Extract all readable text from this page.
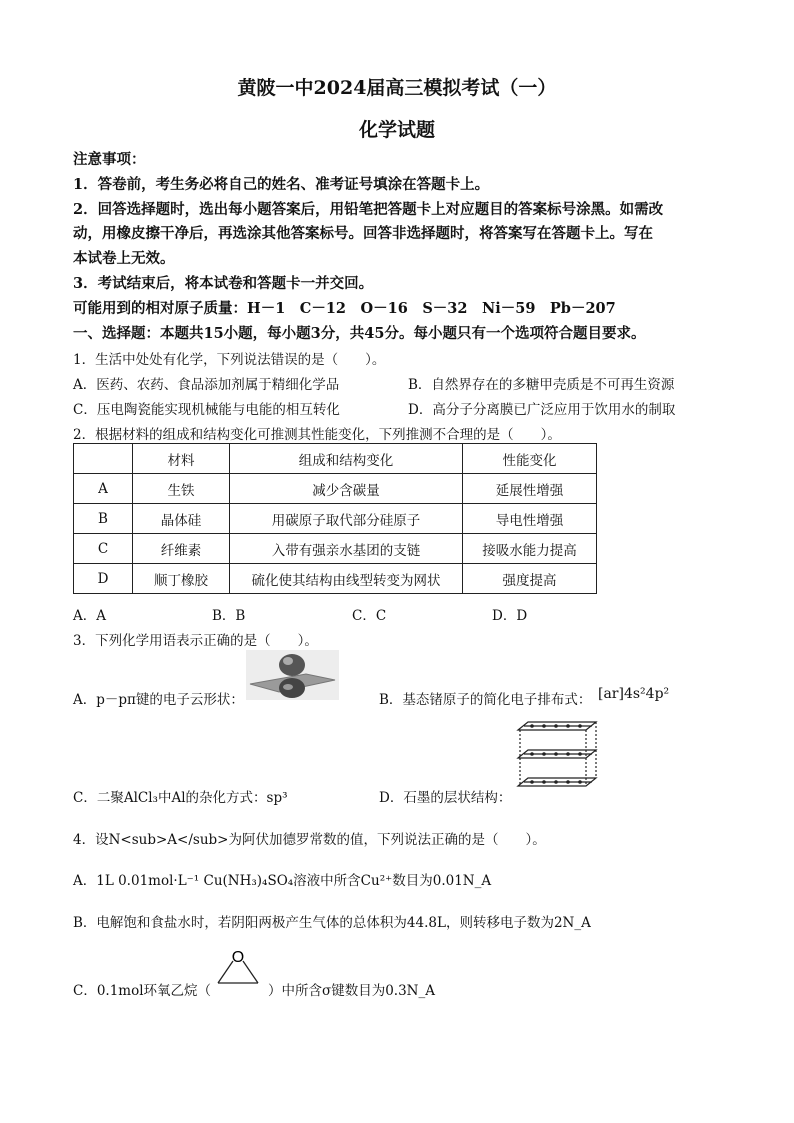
黄陂一中2024届高三模拟考试（一）
化学试题
注意事项：
1．答卷前，考生务必将自己的姓名、准考证号填涂在答题卡上。
2．回答选择题时，选出每小题答案后，用铅笔把答题卡上对应题目的答案标号涂黑。如需改
动，用橡皮擦干净后，再选涂其他答案标号。回答非选择题时，将答案写在答题卡上。写在
本试卷上无效。
3．考试结束后，将本试卷和答题卡一并交回。
可能用到的相对原子质量：H－1　C－12　O－16　S－32　Ni－59　Pb－207
一、选择题：本题共15小题，每小题3分，共45分。每小题只有一个选项符合题目要求。
1．生活中处处有化学，下列说法错误的是（　　）。
A．医药、农药、食品添加剂属于精细化学品	B．自然界存在的多糖甲壳质是不可再生资源
C．压电陶瓷能实现机械能与电能的相互转化	D．高分子分离膜已广泛应用于饮用水的制取
2．根据材料的组成和结构变化可推测其性能变化，下列推测不合理的是（　　）。
	材料	组成和结构变化	性能变化
A	生铁	减少含碳量	延展性增强
B	晶体硅	用碳原子取代部分硅原子	导电性增强
C	纤维素	入带有强亲水基团的支链	接吸水能力提高
D	顺丁橡胶	硫化使其结构由线型转变为网状	强度提高
A．A	B．B	C．C	D．D
3．下列化学用语表示正确的是（　　）。
A．p－pπ键的电子云形状：	B．基态锗原子的简化电子排布式： [ar]4s²4p²
C．二聚AlCl₃中Al的杂化方式：sp³	D．石墨的层状结构：
4．设N<sub>A</sub>为阿伏加德罗常数的值，下列说法正确的是（　　）。
A．1L 0.01mol·L⁻¹ Cu(NH₃)₄SO₄溶液中所含Cu²⁺数目为0.01N_A
B．电解饱和食盐水时，若阴阳两极产生气体的总体积为44.8L，则转移电子数为2N_A
C．0.1mol环氧乙烷（
O
）中所含σ键数目为0.3N_A
